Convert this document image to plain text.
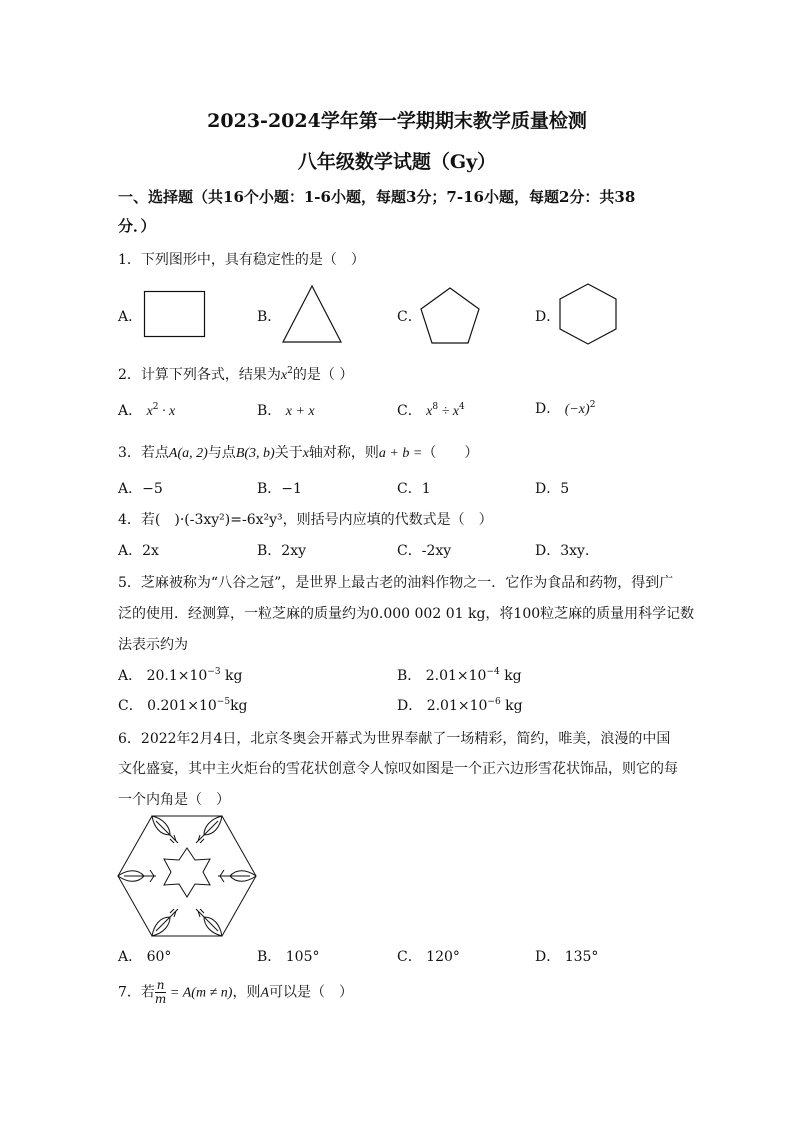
2023-2024学年第一学期期末教学质量检测
八年级数学试题（Gy）
一、选择题（共16个小题：1-6小题，每题3分；7-16小题，每题2分：共38
分．）
1．下列图形中，具有稳定性的是（　）
A．	B．	C．	D．
2．计算下列各式，结果为$x^2$的是（ ）
A． $x^2 \cdot x$	B． x + x	C． $x^8 \div x^4$	D． $(-x)^2$
3．若点A(a, 2)与点B(3, b)关于x轴对称，则a + b =（　　）
A．−5	B．−1	C．1	D．5
4．若(　)·(-3xy²)=-6x²y³，则括号内应填的代数式是（　）
A．2x	B．2xy	C．-2xy	D．3xy．
5．芝麻被称为“八谷之冠”，是世界上最古老的油料作物之一．它作为食品和药物，得到广
泛的使用．经测算，一粒芝麻的质量约为0.000 002 01 kg，将100粒芝麻的质量用科学记数
法表示约为
A． $20.1\times 10^{-3}$ kg	B． $2.01\times 10^{-4}$ kg
C． $0.201\times 10^{-5}kg$	D． $2.01\times 10^{-6}$ kg
6．2022年2月4日，北京冬奥会开幕式为世界奉献了一场精彩，简约，唯美，浪漫的中国
文化盛宴，其中主火炬台的雪花状创意令人惊叹如图是一个正六边形雪花状饰品，则它的每
一个内角是（　）
A． 60°	B． 105°	C． 120°	D． 135°
7．若 $\frac{n}{m} = A(m \ne n)$，则A可以是（　）
